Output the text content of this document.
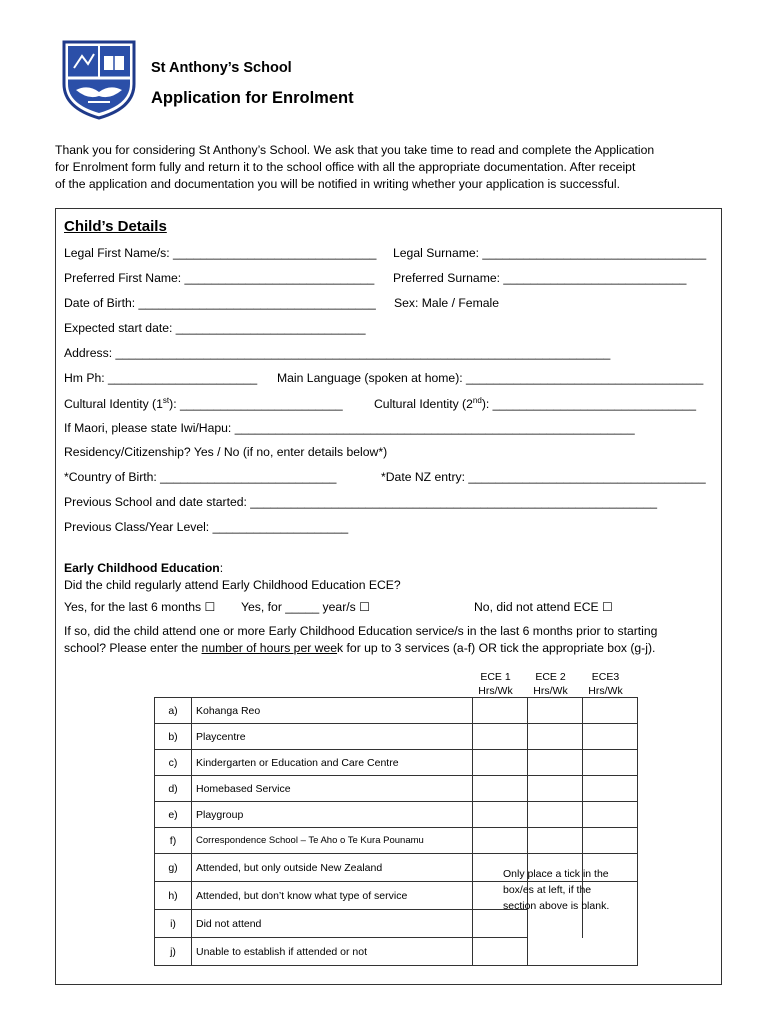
St Anthony’s School
Application for Enrolment
Thank you for considering St Anthony’s School. We ask that you take time to read and complete the Application
for Enrolment form fully and return it to the school office with all the appropriate documentation. After receipt
of the application and documentation you will be notified in writing whether your application is successful.
Child’s Details
Legal First Name/s: ______________________________ Legal Surname: _________________________________
Preferred First Name: ____________________________ Preferred Surname: ___________________________
Date of Birth: ___________________________________ Sex: Male / Female
Expected start date: ____________________________
Address: _________________________________________________________________________
Hm Ph: ______________________ Main Language (spoken at home): ___________________________________
Cultural Identity (1st): ________________________	Cultural Identity (2nd): ______________________________
If Maori, please state Iwi/Hapu: ___________________________________________________________
Residency/Citizenship? Yes / No (if no, enter details below*)
*Country of Birth: __________________________	*Date NZ entry: ___________________________________
Previous School and date started: ____________________________________________________________
Previous Class/Year Level: ____________________
Early Childhood Education:
Did the child regularly attend Early Childhood Education ECE?
Yes, for the last 6 months ☐ Yes, for _____ year/s ☐	No, did not attend ECE ☐
If so, did the child attend one or more Early Childhood Education service/s in the last 6 months prior to starting
school? Please enter the number of hours per week for up to 3 services (a-f) OR tick the appropriate box (g-j).
ECE 1
Hrs/Wk
ECE 2
Hrs/Wk
ECE3
Hrs/Wk
a)	Kohanga Reo			
b)	Playcentre			
c)	Kindergarten or Education and Care Centre			
d)	Homebased Service			
e)	Playgroup			
f)	Correspondence School – Te Aho o Te Kura Pounamu			
g)	Attended, but only outside New Zealand			
h)	Attended, but don’t know what type of service			
i)	Did not attend			
j)	Unable to establish if attended or not			
Only place a tick in the box/es at left, if the section above is blank.
